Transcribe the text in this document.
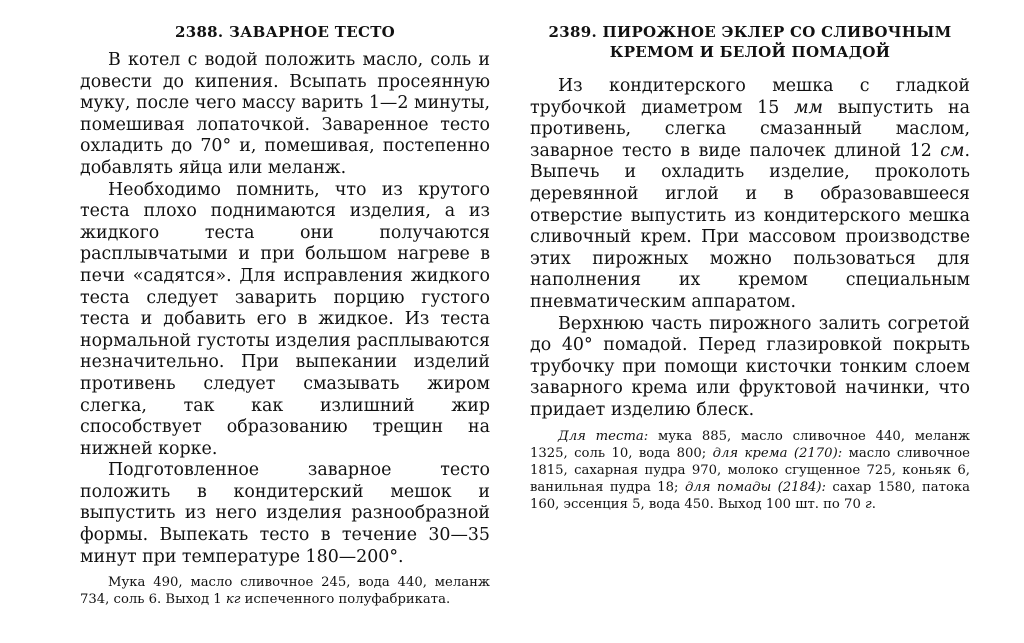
2388. ЗАВАРНОЕ ТЕСТО

В котел с водой положить масло, соль и довести до кипения. Всыпать просеянную муку, после чего массу варить 1—2 минуты, помешивая лопаточкой. Заваренное тесто охладить до 70° и, помешивая, постепенно добавлять яйца или меланж.

Необходимо помнить, что из крутого теста плохо поднимаются изделия, а из жидкого теста они получаются расплывчатыми и при большом нагреве в печи «садятся». Для исправления жидкого теста следует заварить порцию густого теста и добавить его в жидкое. Из теста нормальной густоты изделия расплываются незначительно. При выпекании изделий противень следует смазывать жиром слегка, так как излишний жир способствует образованию трещин на нижней корке.

Подготовленное заварное тесто положить в кондитерский мешок и выпустить из него изделия разнообразной формы. Выпекать тесто в течение 30—35 минут при температуре 180—200°.

Мука 490, масло сливочное 245, вода 440, меланж 734, соль 6. Выход 1 кг испеченного полуфабриката.

2389. ПИРОЖНОЕ ЭКЛЕР СО СЛИВОЧНЫМ
КРЕМОМ И БЕЛОЙ ПОМАДОЙ

Из кондитерского мешка с гладкой трубочкой диаметром 15 мм выпустить на противень, слегка смазанный маслом, заварное тесто в виде палочек длиной 12 см. Выпечь и охладить изделие, проколоть деревянной иглой и в образовавшееся отверстие выпустить из кондитерского мешка сливочный крем. При массовом производстве этих пирожных можно пользоваться для наполнения их кремом специальным пневматическим аппаратом.

Верхнюю часть пирожного залить согретой до 40° помадой. Перед глазировкой покрыть трубочку при помощи кисточки тонким слоем заварного крема или фруктовой начинки, что придает изделию блеск.

Для теста: мука 885, масло сливочное 440, меланж 1325, соль 10, вода 800; для крема (2170): масло сливочное 1815, сахарная пудра 970, молоко сгущенное 725, коньяк 6, ванильная пудра 18; для помады (2184): сахар 1580, патока 160, эссенция 5, вода 450. Выход 100 шт. по 70 г.
